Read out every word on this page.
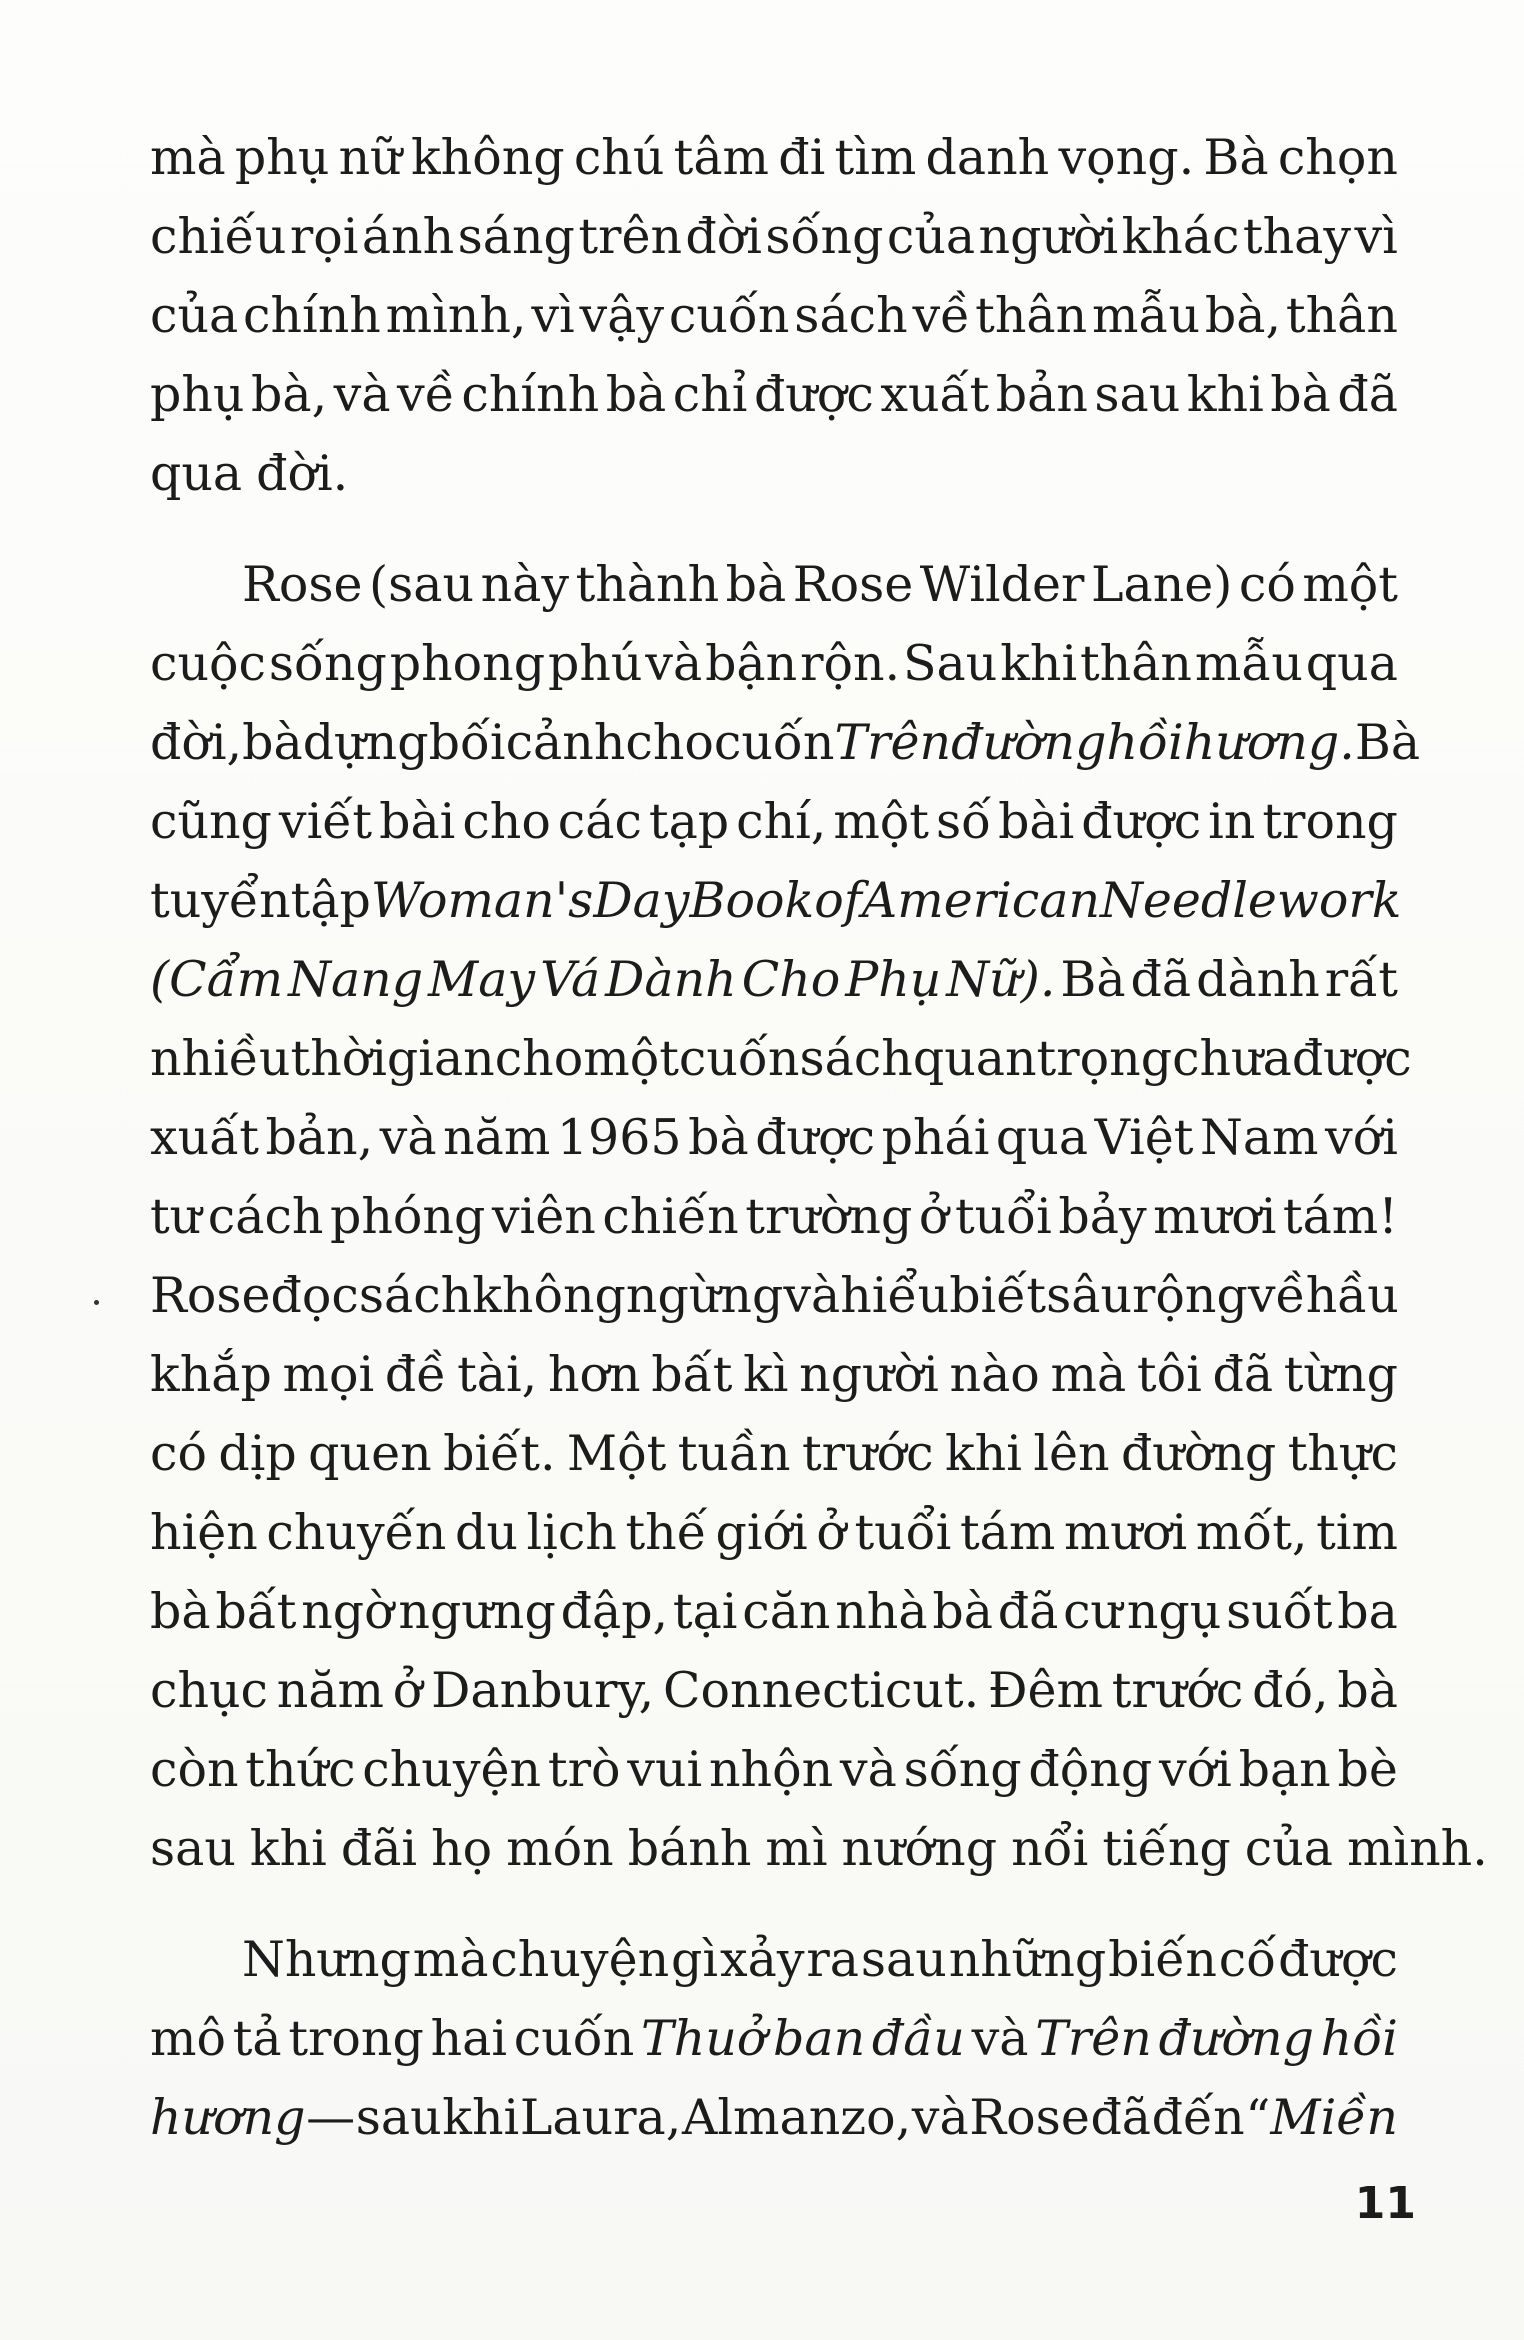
mà phụ nữ không chú tâm đi tìm danh vọng. Bà chọn
chiếu rọi ánh sáng trên đời sống của người khác thay vì
của chính mình, vì vậy cuốn sách về thân mẫu bà, thân
phụ bà, và về chính bà chỉ được xuất bản sau khi bà đã
qua đời.
Rose (sau này thành bà Rose Wilder Lane) có một
cuộc sống phong phú và bận rộn. Sau khi thân mẫu qua
đời, bà dựng bối cảnh cho cuốn Trên đường hồi hương. Bà
cũng viết bài cho các tạp chí, một số bài được in trong
tuyển tập Woman's Day Book of American Needlework
(Cẩm Nang May Vá Dành Cho Phụ Nữ). Bà đã dành rất
nhiều thời gian cho một cuốn sách quan trọng chưa được
xuất bản, và năm 1965 bà được phái qua Việt Nam với
tư cách phóng viên chiến trường ở tuổi bảy mươi tám!
Rose đọc sách không ngừng và hiểu biết sâu rộng về hầu
khắp mọi đề tài, hơn bất kì người nào mà tôi đã từng
có dịp quen biết. Một tuần trước khi lên đường thực
hiện chuyến du lịch thế giới ở tuổi tám mươi mốt, tim
bà bất ngờ ngưng đập, tại căn nhà bà đã cư ngụ suốt ba
chục năm ở Danbury, Connecticut. Đêm trước đó, bà
còn thức chuyện trò vui nhộn và sống động với bạn bè
sau khi đãi họ món bánh mì nướng nổi tiếng của mình.
Nhưng mà chuyện gì xảy ra sau những biến cố được
mô tả trong hai cuốn Thuở ban đầu và Trên đường hồi
hương — sau khi Laura, Almanzo, và Rose đã đến “Miền
11
